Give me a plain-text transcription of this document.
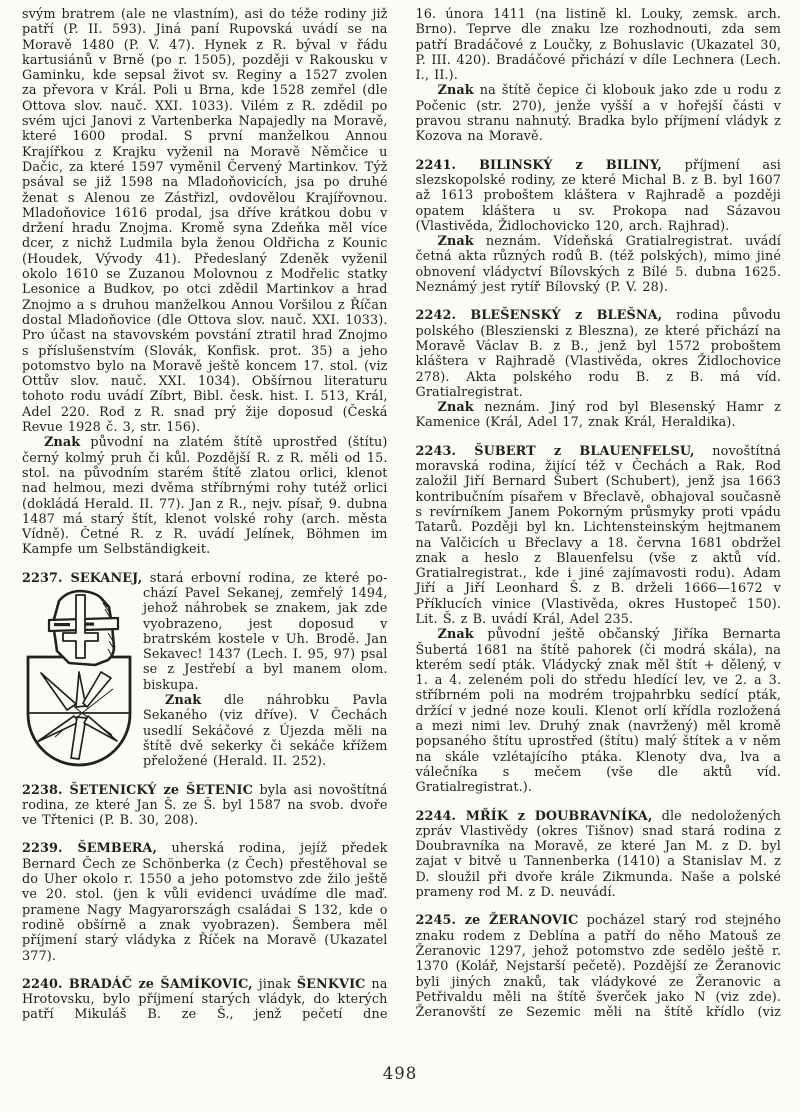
svým bratrem (ale ne vlastním), asi do téže rodiny již patří (P. II. 593). Jiná paní Rupovská uvádí se na Moravě 1480 (P. V. 47). Hynek z R. býval v řádu kartusiánů v Brně (po r. 1505), později v Rakousku v Gaminku, kde sepsal život sv. Reginy a 1527 zvolen za převora v Král. Poli u Brna, kde 1528 zemřel (dle Ottova slov. nauč. XXI. 1033). Vilém z R. zdědil po svém ujci Janovi z Vartenberka Napajedly na Moravě, které 1600 prodal. S první manželkou Annou Krajířkou z Krajku vyženil na Moravě Němčice u Dačic, za které 1597 vyměnil Červený Martinkov. Týž psával se již 1598 na Mladoňovicích, jsa po druhé ženat s Alenou ze Zástřizl, ovdovělou Krajířovnou. Mladoňovice 1616 prodal, jsa dříve krátkou dobu v držení hradu Znojma. Kromě syna Zdeňka měl více dcer, z nichž Ludmila byla ženou Oldřicha z Kounic (Houdek, Vývody 41). Předeslaný Zdeněk vyženil okolo 1610 se Zuzanou Molovnou z Modřelic statky Lesonice a Budkov, po otci zdědil Martinkov a hrad Znojmo a s druhou manželkou Annou Voršilou z Říčan dostal Mladoňovice (dle Ottova slov. nauč. XXI. 1033). Pro účast na stavovském povstání ztratil hrad Znojmo s příslušenstvím (Slovák, Konfisk. prot. 35) a jeho potomstvo bylo na Moravě ještě koncem 17. stol. (viz Ottův slov. nauč. XXI. 1034). Obšírnou literaturu tohoto rodu uvádí Zíbrt, Bibl. česk. hist. I. 513, Král, Adel 220. Rod z R. snad prý žije doposud (Česká Revue 1928 č. 3, str. 156).

Znak původní na zlatém štítě uprostřed (štítu) černý kolmý pruh či kůl. Pozdější R. z R. měli od 15. stol. na původním starém štítě zlatou orlici, klenot nad helmou, mezi dvěma stříbrnými rohy tutéž orlici (dokládá Herald. II. 77). Jan z R., nejv. písař, 9. dubna 1487 má starý štít, klenot volské rohy (arch. města Vídně). Četné R. z R. uvádí Jelínek, Böhmen im Kampfe um Selbständigkeit.

2237. SEKANEJ, stará erbovní rodina, ze které po-

chází Pavel Sekanej, zemřelý 1494, jehož náhrobek se znakem, jak zde vyobrazeno, jest doposud v bratrském kostele v Uh. Brodě. Jan Sekavec! 1437 (Lech. I. 95, 97) psal se z Jestřebí a byl manem olom. biskupa.

Znak dle náhrobku Pavla Sekaného (viz dříve). V Čechách usedlí Sekáčové z Újezda měli na štítě dvě sekerky či sekáče křížem přeložené (Herald. II. 252).

2238. ŠETENICKÝ ze ŠETENIC byla asi novoštítná rodina, ze které Jan Š. ze Š. byl 1587 na svob. dvoře ve Třtenici (P. B. 30, 208).

2239. ŠEMBERA, uherská rodina, jejíž předek Bernard Čech ze Schönberka (z Čech) přestěhoval se do Uher okolo r. 1550 a jeho potomstvo zde žilo ještě ve 20. stol. (jen k vůli evidenci uvádíme dle maď. pramene Nagy Magyarországh családai S 132, kde o rodině obšírně a znak vyobrazen). Šembera měl příjmení starý vládyka z Říček na Moravě (Ukazatel 377).

2240. BRADÁČ ze ŠAMÍKOVIC, jinak ŠENKVIC na Hrotovsku, bylo příjmení starých vládyk, do kterých patří Mikuláš B. ze Š., jenž pečetí dne

16. února 1411 (na listině kl. Louky, zemsk. arch. Brno). Teprve dle znaku lze rozhodnouti, zda sem patří Bradáčové z Loučky, z Bohuslavic (Ukazatel 30, P. III. 420). Bradáčové přichází v díle Lechnera (Lech. I., II.).

Znak na štítě čepice či klobouk jako zde u rodu z Počenic (str. 270), jenže vyšší a v hořejší části v pravou stranu nahnutý. Bradka bylo příjmení vládyk z Kozova na Moravě.

2241. BILINSKÝ z BILINY, příjmení asi slezskopolské rodiny, ze které Michal B. z B. byl 1607 až 1613 proboštem kláštera v Rajhradě a později opatem kláštera u sv. Prokopa nad Sázavou (Vlastivěda, Židlochovicko 120, arch. Rajhrad).

Znak neznám. Vídeňská Gratialregistrat. uvádí četná akta různých rodů B. (též polských), mimo jiné obnovení vládyctví Bílovských z Bílé 5. dubna 1625. Neznámý jest rytíř Bílovský (P. V. 28).

2242. BLEŠENSKÝ z BLEŠNA, rodina původu polského (Bleszienski z Bleszna), ze které přichází na Moravě Václav B. z B., jenž byl 1572 proboštem kláštera v Rajhradě (Vlastivěda, okres Židlochovice 278). Akta polského rodu B. z B. má víd. Gratialregistrat.

Znak neznám. Jiný rod byl Blesenský Hamr z Kamenice (Král, Adel 17, znak Král, Heraldika).

2243. ŠUBERT z BLAUENFELSU, novoštítná moravská rodina, žijící též v Čechách a Rak. Rod založil Jiří Bernard Šubert (Schubert), jenž jsa 1663 kontribučním písařem v Břeclavě, obhajoval současně s revírníkem Janem Pokorným průsmyky proti vpádu Tatarů. Později byl kn. Lichtensteinským hejtmanem na Valčicích u Břeclavy a 18. června 1681 obdržel znak a heslo z Blauenfelsu (vše z aktů víd. Gratialregistrat., kde i jiné zajímavosti rodu). Adam Jiří a Jiří Leonhard Š. z B. drželi 1666—1672 v Příklucích vinice (Vlastivěda, okres Hustopeč 150). Lit. Š. z B. uvádí Král, Adel 235.

Znak původní ještě občanský Jiříka Bernarta Šubertá 1681 na štítě pahorek (či modrá skála), na kterém sedí pták. Vládycký znak měl štít + dělený, v 1. a 4. zeleném poli do středu hledící lev, ve 2. a 3. stříbrném poli na modrém trojpahrbku sedící pták, držící v jedné noze kouli. Klenot orlí křídla rozložená a mezi nimi lev. Druhý znak (navržený) měl kromě popsaného štítu uprostřed (štítu) malý štítek a v něm na skále vzlétajícího ptáka. Klenoty dva, lva a válečníka s mečem (vše dle aktů víd. Gratialregistrat.).

2244. MŘÍK z DOUBRAVNÍKA, dle nedoložených zpráv Vlastivědy (okres Tišnov) snad stará rodina z Doubravníka na Moravě, ze které Jan M. z D. byl zajat v bitvě u Tannenberka (1410) a Stanislav M. z D. sloužil při dvoře krále Zikmunda. Naše a polské prameny rod M. z D. neuvádí.

2245. ze ŽERANOVIC pocházel starý rod stejného znaku rodem z Deblína a patří do něho Matouš ze Žeranovic 1297, jehož potomstvo zde sedělo ještě r. 1370 (Kolář, Nejstarší pečetě). Pozdější ze Žeranovic byli jiných znaků, tak vládykové ze Žeranovic a Petřivaldu měli na štítě šverček jako N (viz zde). Žeranovští ze Sezemic měli na štítě křídlo (viz

498
